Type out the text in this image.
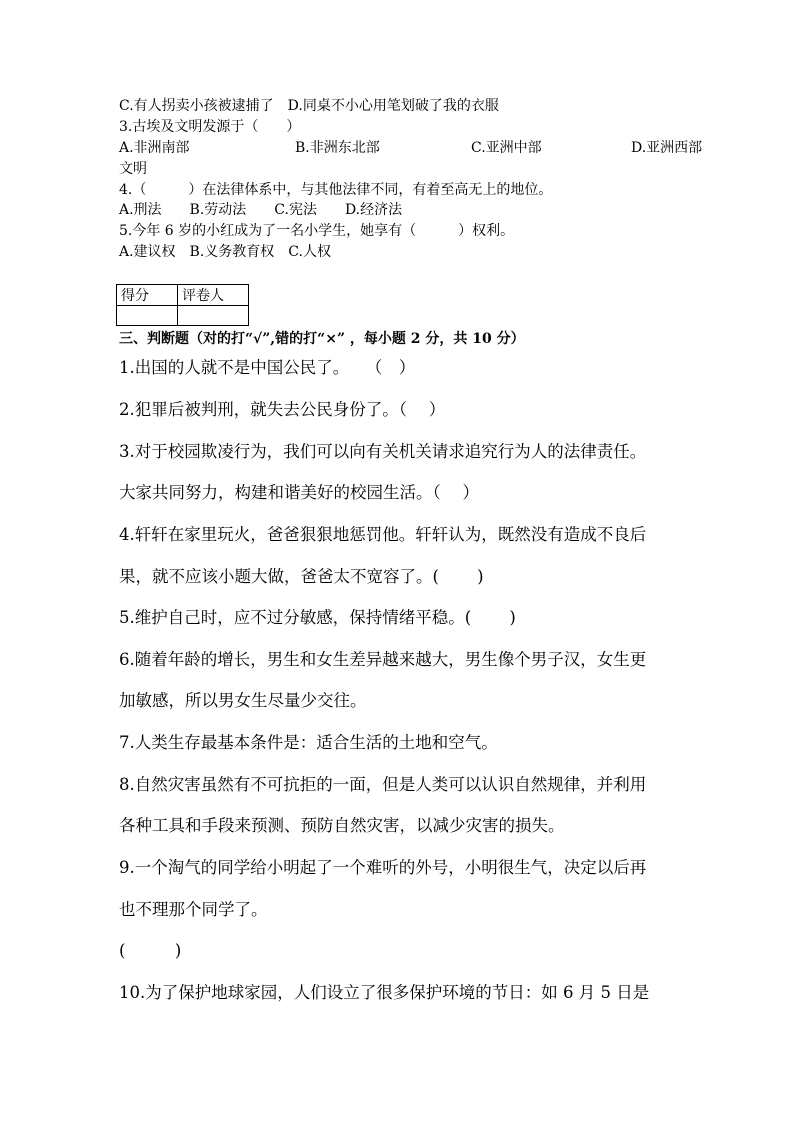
C.有人拐卖小孩被逮捕了　D.同桌不小心用笔划破了我的衣服
3.古埃及文明发源于（　　）
A.非洲南部	B.非洲东北部	C.亚洲中部	D.亚洲西部
文明
4.（　　　）在法律体系中，与其他法律不同，有着至高无上的地位。
A.刑法　　B.劳动法　　C.宪法　　D.经济法
5.今年 6 岁的小红成为了一名小学生，她享有（　　　）权利。
A.建议权　B.义务教育权　C.人权
得分	评卷人

三、判断题（对的打“√”,错的打“×” ，每小题 2 分，共 10 分）
1.出国的人就不是中国公民了。　　（　）
2.犯罪后被判刑，就失去公民身份了。（　 ）
3.对于校园欺凌行为，我们可以向有关机关请求追究行为人的法律责任。
大家共同努力，构建和谐美好的校园生活。（　 ）
4.轩轩在家里玩火，爸爸狠狠地惩罚他。轩轩认为，既然没有造成不良后
果，就不应该小题大做，爸爸太不宽容了。(　　 )
5.维护自己时，应不过分敏感，保持情绪平稳。(　　 )
6.随着年龄的增长，男生和女生差异越来越大，男生像个男子汉，女生更
加敏感，所以男女生尽量少交往。
7.人类生存最基本条件是：适合生活的土地和空气。
8.自然灾害虽然有不可抗拒的一面，但是人类可以认识自然规律，并利用
各种工具和手段来预测、预防自然灾害，以减少灾害的损失。
9.一个淘气的同学给小明起了一个难听的外号，小明很生气，决定以后再
也不理那个同学了。
(　　　)
10.为了保护地球家园，人们设立了很多保护环境的节日：如 6 月 5 日是
